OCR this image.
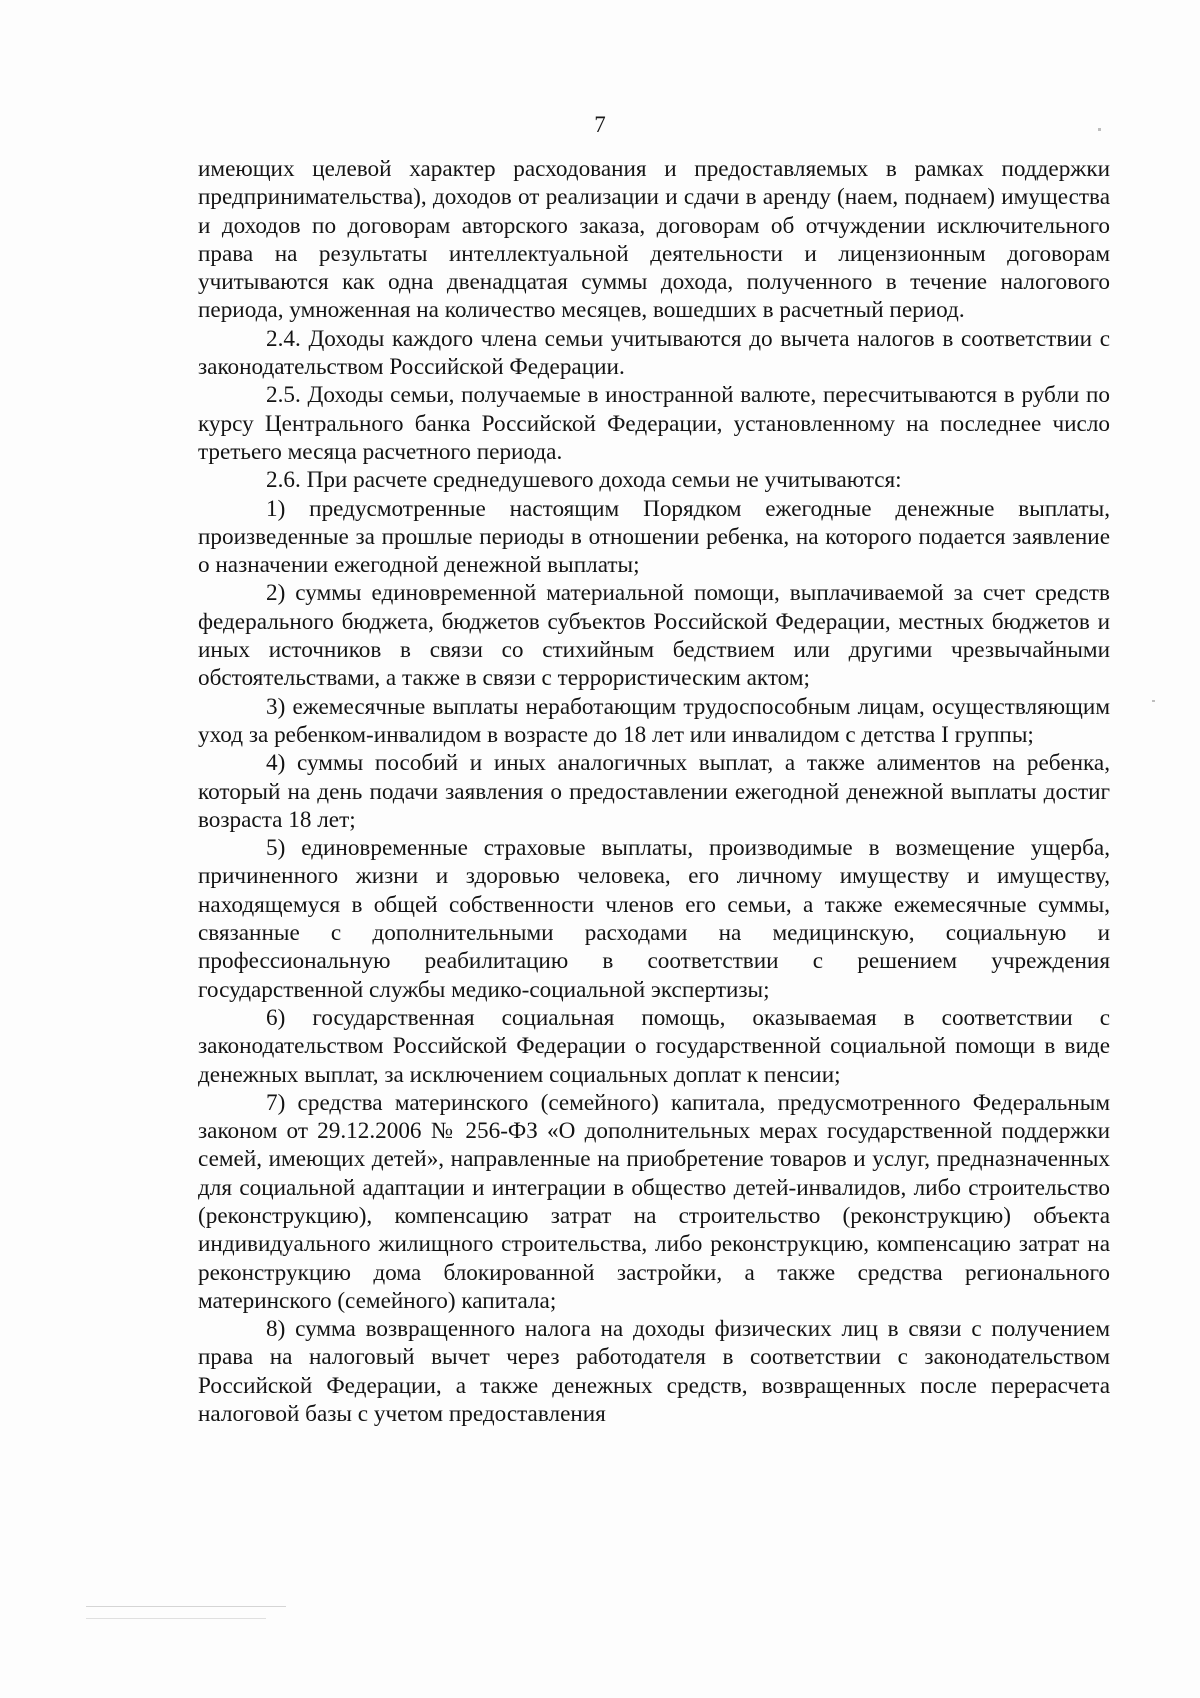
7

имеющих целевой характер расходования и предоставляемых в рамках поддержки предпринимательства), доходов от реализации и сдачи в аренду (наем, поднаем) имущества и доходов по договорам авторского заказа, договорам об отчуждении исключительного права на результаты интеллектуальной деятельности и лицензионным договорам учитываются как одна двенадцатая суммы дохода, полученного в течение налогового периода, умноженная на количество месяцев, вошедших в расчетный период.

2.4. Доходы каждого члена семьи учитываются до вычета налогов в соответствии с законодательством Российской Федерации.

2.5. Доходы семьи, получаемые в иностранной валюте, пересчитываются в рубли по курсу Центрального банка Российской Федерации, установленному на последнее число третьего месяца расчетного периода.

2.6. При расчете среднедушевого дохода семьи не учитываются:

1) предусмотренные настоящим Порядком ежегодные денежные выплаты, произведенные за прошлые периоды в отношении ребенка, на которого подается заявление о назначении ежегодной денежной выплаты;

2) суммы единовременной материальной помощи, выплачиваемой за счет средств федерального бюджета, бюджетов субъектов Российской Федерации, местных бюджетов и иных источников в связи со стихийным бедствием или другими чрезвычайными обстоятельствами, а также в связи с террористическим актом;

3) ежемесячные выплаты неработающим трудоспособным лицам, осуществляющим уход за ребенком-инвалидом в возрасте до 18 лет или инвалидом с детства I группы;

4) суммы пособий и иных аналогичных выплат, а также алиментов на ребенка, который на день подачи заявления о предоставлении ежегодной денежной выплаты достиг возраста 18 лет;

5) единовременные страховые выплаты, производимые в возмещение ущерба, причиненного жизни и здоровью человека, его личному имуществу и имуществу, находящемуся в общей собственности членов его семьи, а также ежемесячные суммы, связанные с дополнительными расходами на медицинскую, социальную и профессиональную реабилитацию в соответствии с решением учреждения государственной службы медико-социальной экспертизы;

6) государственная социальная помощь, оказываемая в соответствии с законодательством Российской Федерации о государственной социальной помощи в виде денежных выплат, за исключением социальных доплат к пенсии;

7) средства материнского (семейного) капитала, предусмотренного Федеральным законом от 29.12.2006 № 256-ФЗ «О дополнительных мерах государственной поддержки семей, имеющих детей», направленные на приобретение товаров и услуг, предназначенных для социальной адаптации и интеграции в общество детей-инвалидов, либо строительство (реконструкцию), компенсацию затрат на строительство (реконструкцию) объекта индивидуального жилищного строительства, либо реконструкцию, компенсацию затрат на реконструкцию дома блокированной застройки, а также средства регионального материнского (семейного) капитала;

8) сумма возвращенного налога на доходы физических лиц в связи с получением права на налоговый вычет через работодателя в соответствии с законодательством Российской Федерации, а также денежных средств, возвращенных после перерасчета налоговой базы с учетом предоставления
